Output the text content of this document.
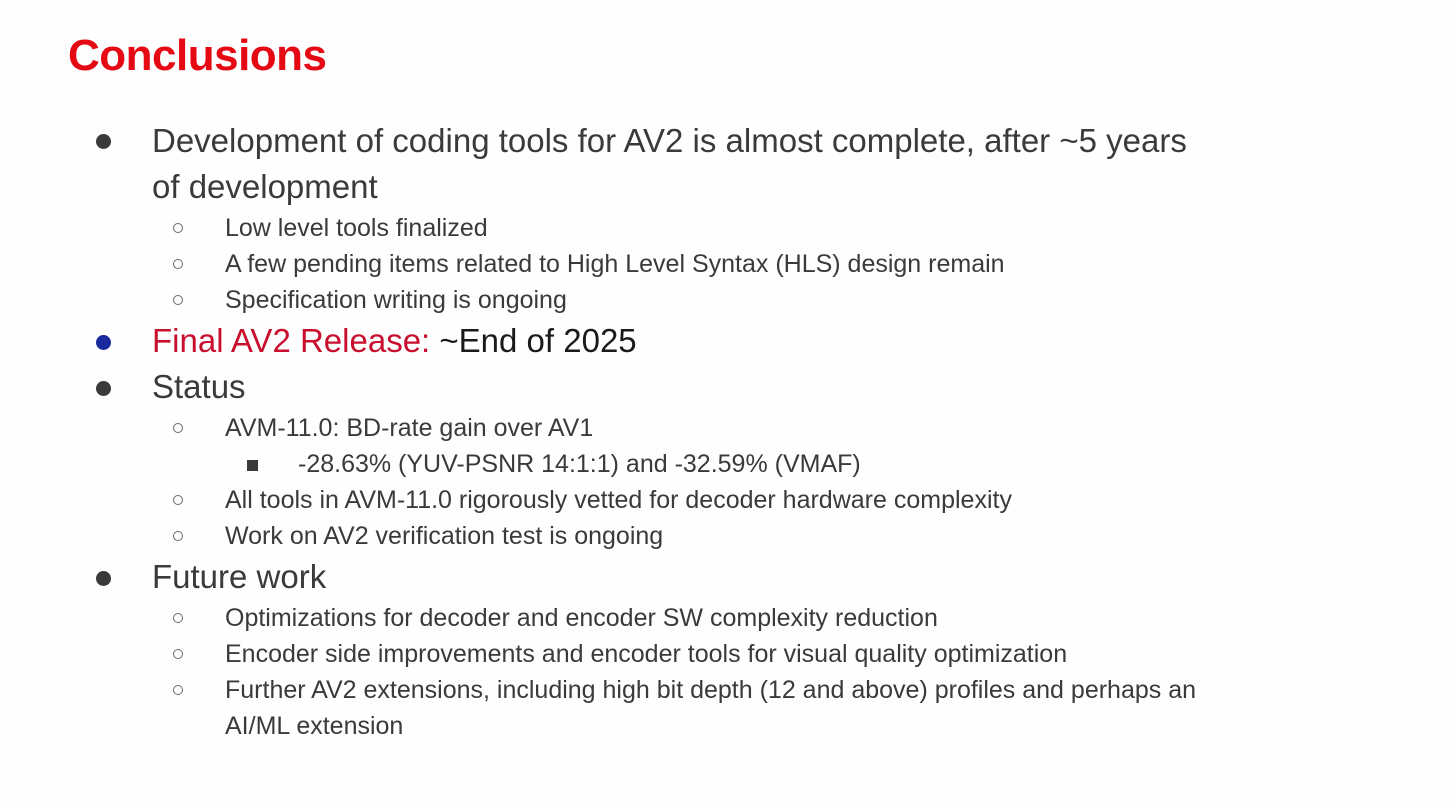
Conclusions
Development of coding tools for AV2 is almost complete, after ~5 years
of development
Low level tools finalized
A few pending items related to High Level Syntax (HLS) design remain
Specification writing is ongoing
Final AV2 Release: ~End of 2025
Status
AVM-11.0: BD-rate gain over AV1
-28.63% (YUV-PSNR 14:1:1) and -32.59% (VMAF)
All tools in AVM-11.0 rigorously vetted for decoder hardware complexity
Work on AV2 verification test is ongoing
Future work
Optimizations for decoder and encoder SW complexity reduction
Encoder side improvements and encoder tools for visual quality optimization
Further AV2 extensions, including high bit depth (12 and above) profiles and perhaps an
AI/ML extension
